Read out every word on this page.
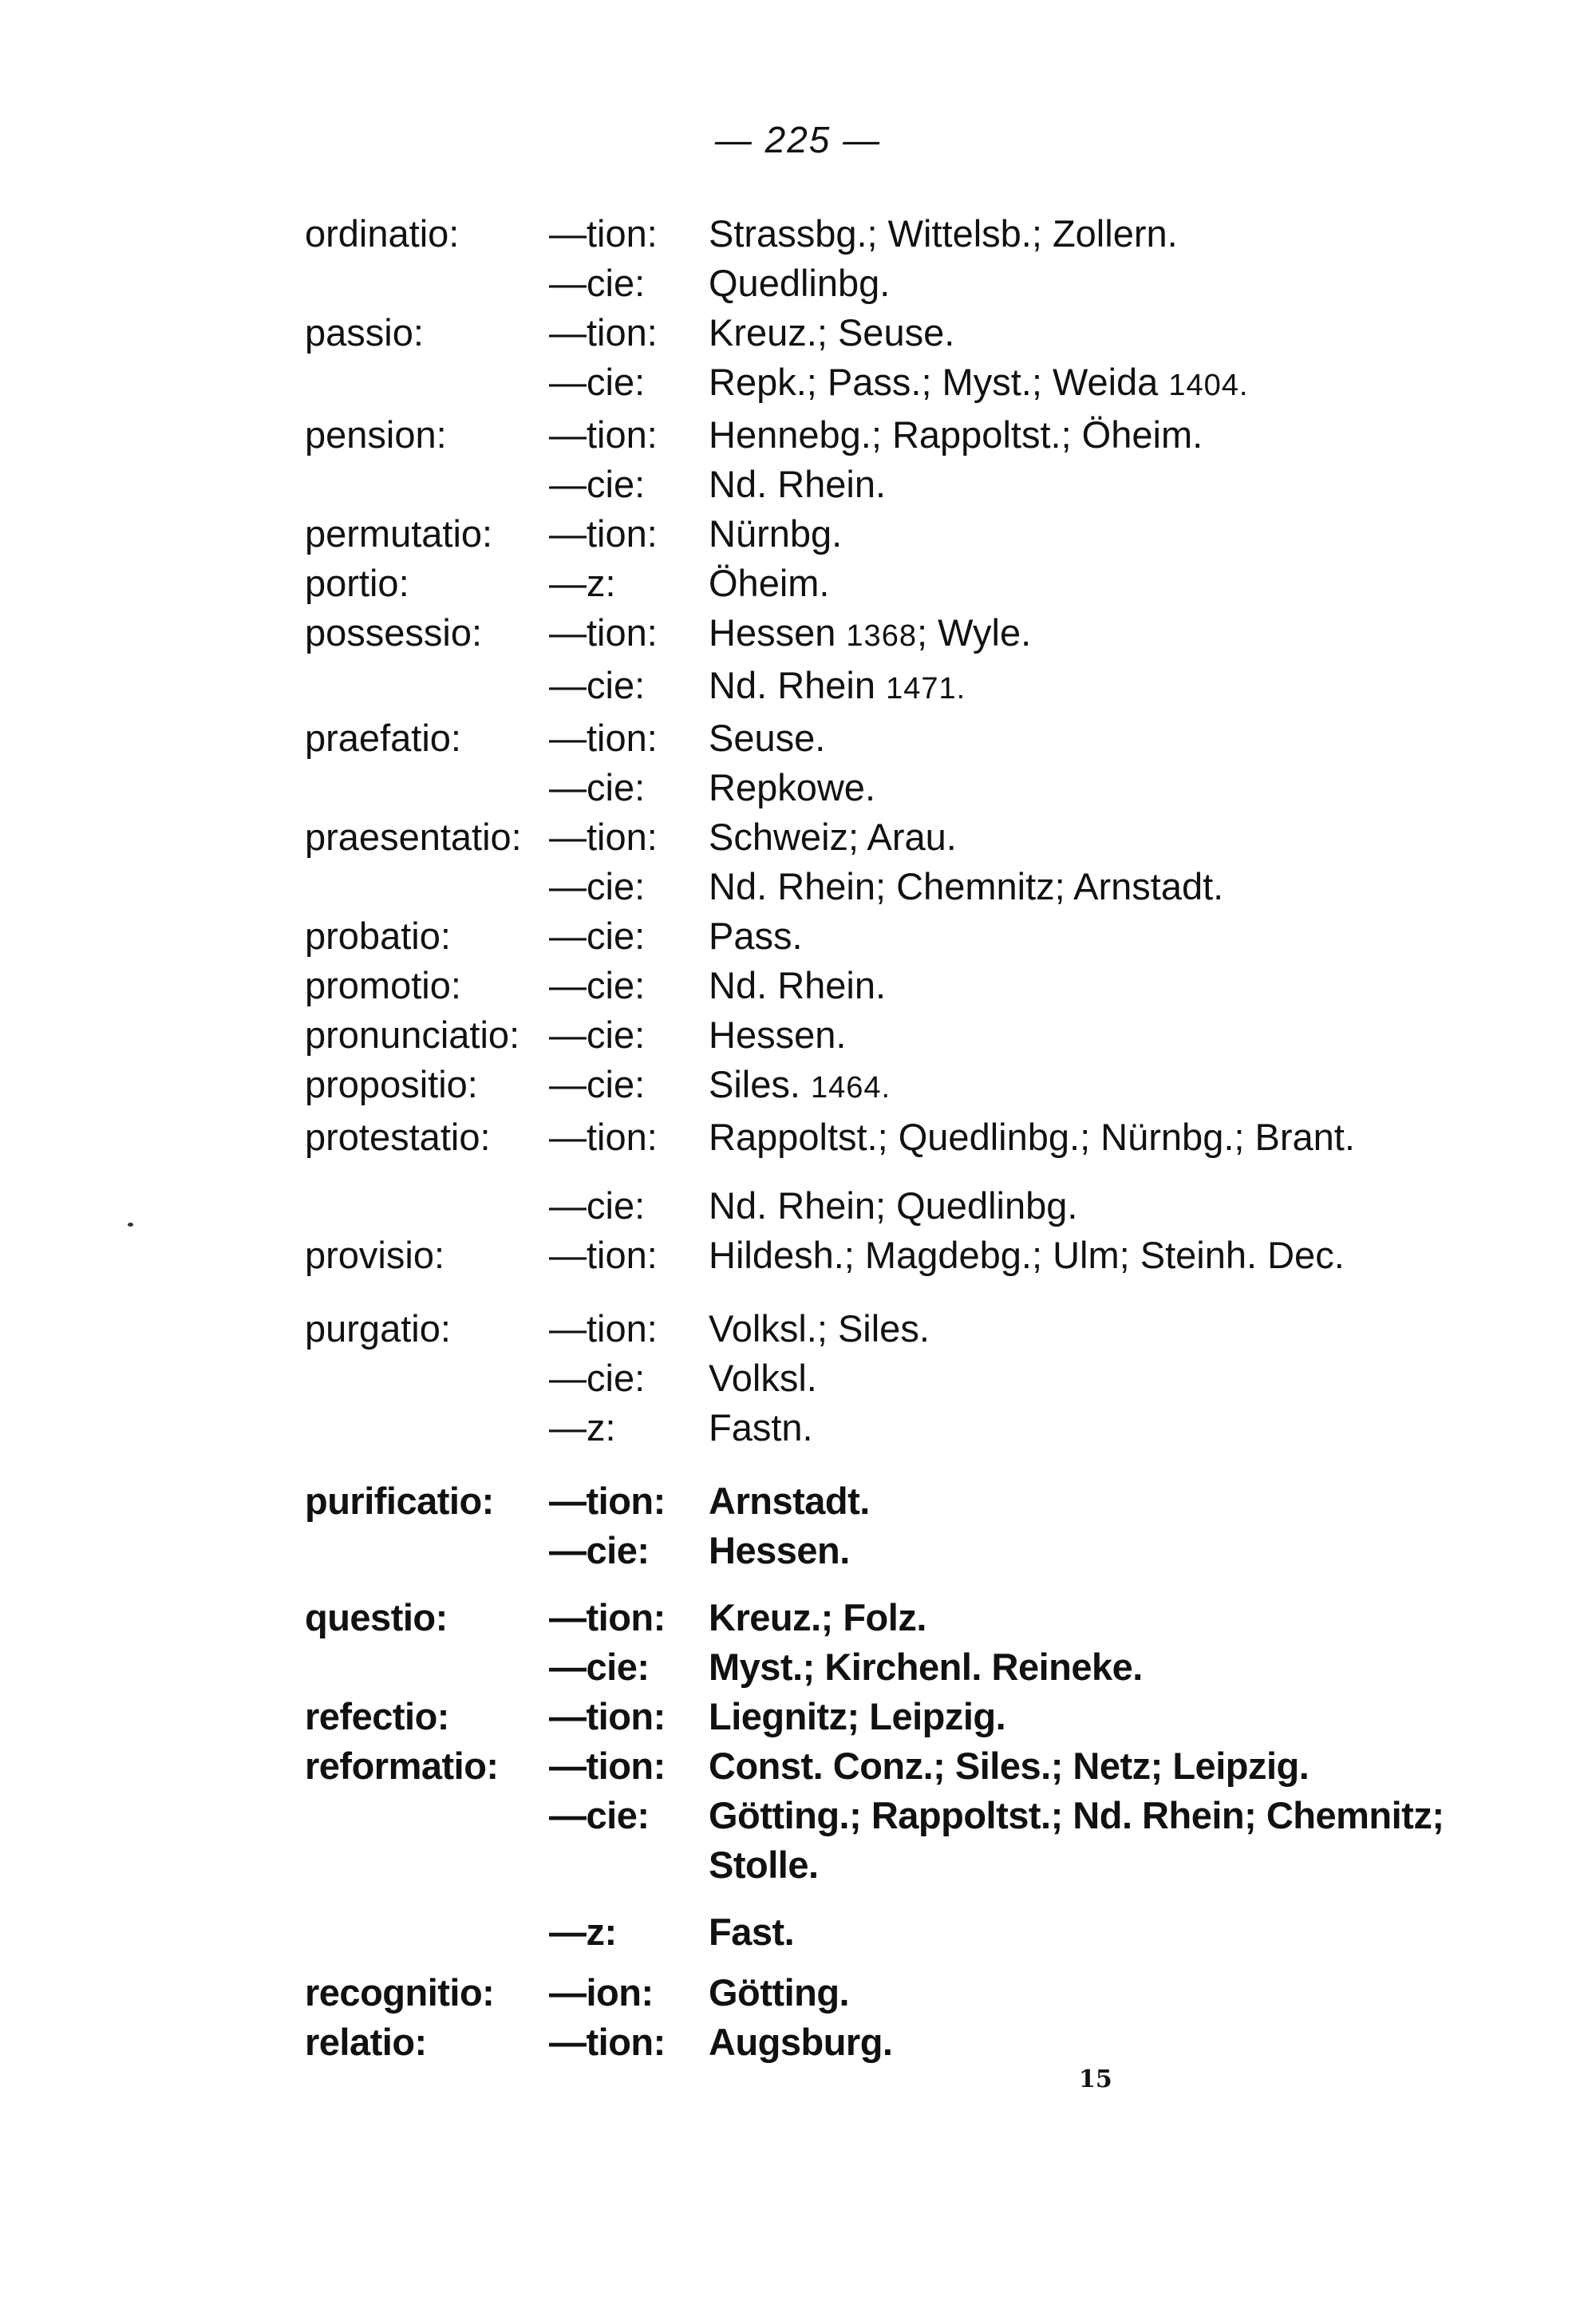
— 225 —
ordinatio:	—tion:	Strassbg.; Wittelsb.; Zollern.
—cie:	Quedlinbg.
passio:	—tion:	Kreuz.; Seuse.
—cie:	Repk.; Pass.; Myst.; Weida 1404.
pension:	—tion:	Hennebg.; Rappoltst.; Öheim.
—cie:	Nd. Rhein.
permutatio:	—tion:	Nürnbg.
portio:	—z:	Öheim.
possessio:	—tion:	Hessen 1368; Wyle.
—cie:	Nd. Rhein 1471.
praefatio:	—tion:	Seuse.
—cie:	Repkowe.
praesentatio: —tion:	Schweiz; Arau.
—cie:	Nd. Rhein; Chemnitz; Arnstadt.
probatio:	—cie:	Pass.
promotio:	—cie:	Nd. Rhein.
pronunciatio: —cie:	Hessen.
propositio:	—cie:	Siles. 1464.
protestatio:	—tion:	Rappoltst.; Quedlinbg.; Nürnbg.; Brant.
—cie:	Nd. Rhein; Quedlinbg.
provisio:	—tion:	Hildesh.; Magdebg.; Ulm; Steinh. Dec.
purgatio:	—tion:	Volksl.; Siles.
—cie:	Volksl.
—z:	Fastn.
purificatio:	—tion:	Arnstadt.
—cie:	Hessen.
questio:	—tion:	Kreuz.; Folz.
—cie:	Myst.; Kirchenl. Reineke.
refectio:	—tion:	Liegnitz; Leipzig.
reformatio:	—tion:	Const. Conz.; Siles.; Netz; Leipzig.
—cie:	Götting.; Rappoltst.; Nd. Rhein; Chemnitz; Stolle.
—z:	Fast.
recognitio:	—ion:	Götting.
relatio:	—tion:	Augsburg.
15
